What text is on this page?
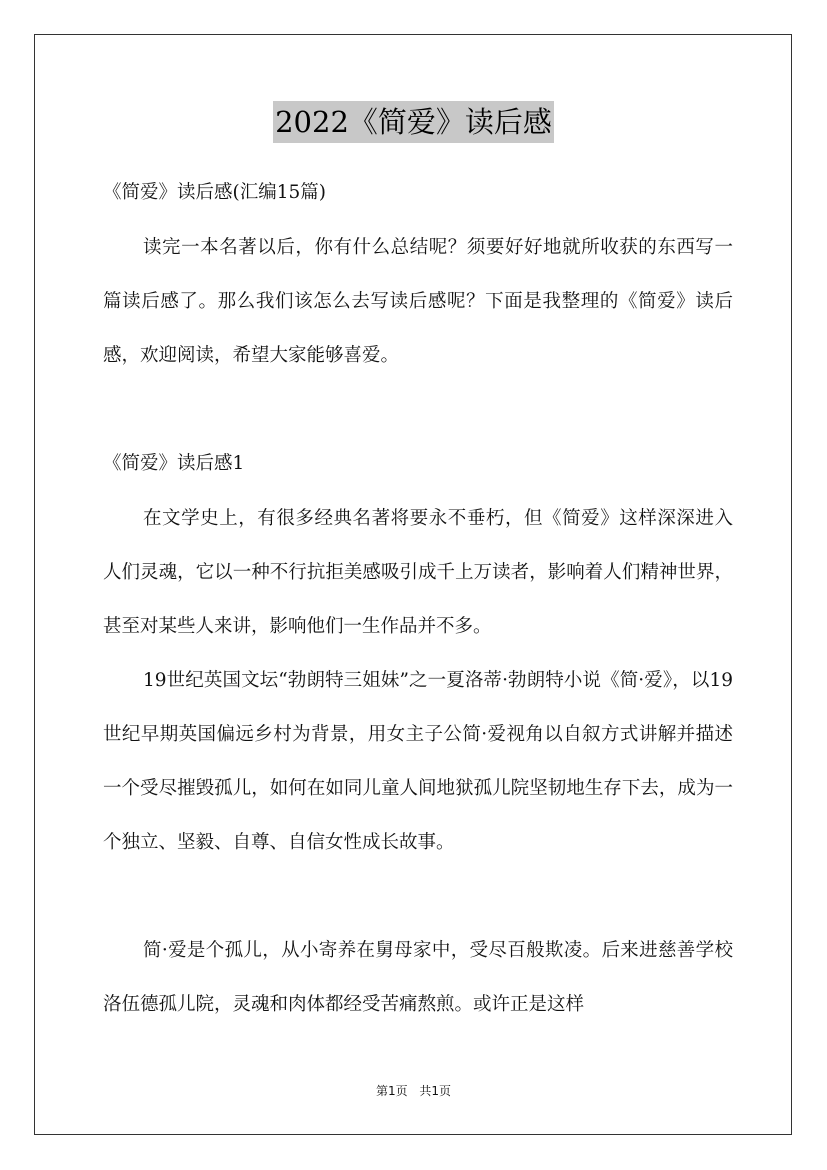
2022《简爱》读后感

《简爱》读后感(汇编15篇)

读完一本名著以后，你有什么总结呢？须要好好地就所收获的东西写一篇读后感了。那么我们该怎么去写读后感呢？下面是我整理的《简爱》读后感，欢迎阅读，希望大家能够喜爱。

《简爱》读后感1

在文学史上，有很多经典名著将要永不垂朽，但《简爱》这样深深进入人们灵魂，它以一种不行抗拒美感吸引成千上万读者，影响着人们精神世界，甚至对某些人来讲，影响他们一生作品并不多。

19世纪英国文坛“勃朗特三姐妹”之一夏洛蒂·勃朗特小说《简·爱》，以19世纪早期英国偏远乡村为背景，用女主子公简·爱视角以自叙方式讲解并描述一个受尽摧毁孤儿，如何在如同儿童人间地狱孤儿院坚韧地生存下去，成为一个独立、坚毅、自尊、自信女性成长故事。

简·爱是个孤儿，从小寄养在舅母家中，受尽百般欺凌。后来进慈善学校洛伍德孤儿院，灵魂和肉体都经受苦痛熬煎。或许正是这样

第1页 共1页
